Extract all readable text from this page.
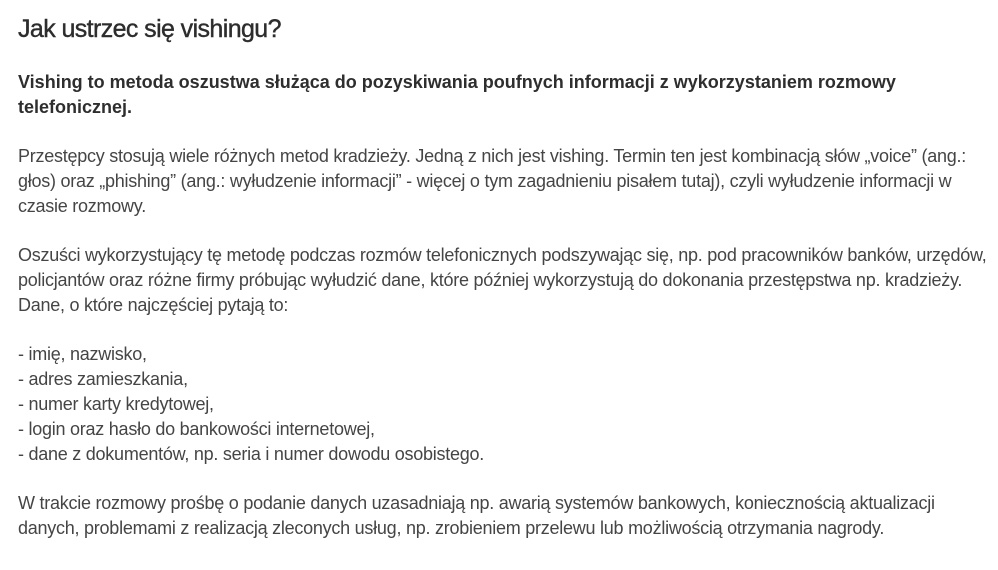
Jak ustrzec się vishingu?

Vishing to metoda oszustwa służąca do pozyskiwania poufnych informacji z wykorzystaniem rozmowy telefonicznej.

Przestępcy stosują wiele różnych metod kradzieży. Jedną z nich jest vishing. Termin ten jest kombinacją słów „voice” (ang.: głos) oraz „phishing” (ang.: wyłudzenie informacji” - więcej o tym zagadnieniu pisałem tutaj), czyli wyłudzenie informacji w czasie rozmowy.

Oszuści wykorzystujący tę metodę podczas rozmów telefonicznych podszywając się, np. pod pracowników banków, urzędów, policjantów oraz różne firmy próbując wyłudzić dane, które później wykorzystują do dokonania przestępstwa np. kradzieży. Dane, o które najczęściej pytają to:

- imię, nazwisko,
- adres zamieszkania,
- numer karty kredytowej,
- login oraz hasło do bankowości internetowej,
- dane z dokumentów, np. seria i numer dowodu osobistego.

W trakcie rozmowy prośbę o podanie danych uzasadniają np. awarią systemów bankowych, koniecznością aktualizacji danych, problemami z realizacją zleconych usług, np. zrobieniem przelewu lub możliwością otrzymania nagrody.
